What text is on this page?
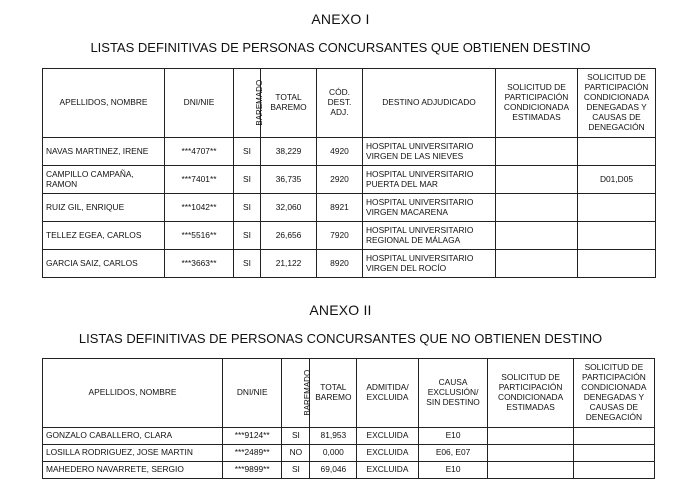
ANEXO I
LISTAS DEFINITIVAS DE PERSONAS CONCURSANTES QUE OBTIENEN DESTINO
APELLIDOS, NOMBRE	DNI/NIE	BAREMADO	TOTAL BAREMO	CÓD. DEST. ADJ.	DESTINO ADJUDICADO	SOLICITUD DE PARTICIPACIÓN CONDICIONADA ESTIMADAS	SOLICITUD DE PARTICIPACIÓN CONDICIONADA DENEGADAS Y CAUSAS DE DENEGACIÓN
NAVAS MARTINEZ, IRENE	***4707**	SI	38,229	4920	HOSPITAL UNIVERSITARIO VIRGEN DE LAS NIEVES		
CAMPILLO CAMPAÑA, RAMON	***7401**	SI	36,735	2920	HOSPITAL UNIVERSITARIO PUERTA DEL MAR		D01,D05
RUIZ GIL, ENRIQUE	***1042**	SI	32,060	8921	HOSPITAL UNIVERSITARIO VIRGEN MACARENA		
TELLEZ EGEA, CARLOS	***5516**	SI	26,656	7920	HOSPITAL UNIVERSITARIO REGIONAL DE MÁLAGA		
GARCIA SAIZ, CARLOS	***3663**	SI	21,122	8920	HOSPITAL UNIVERSITARIO VIRGEN DEL ROCÍO		
ANEXO II
LISTAS DEFINITIVAS DE PERSONAS CONCURSANTES QUE NO OBTIENEN DESTINO
APELLIDOS, NOMBRE	DNI/NIE	BAREMADO	TOTAL BAREMO	ADMITIDA/ EXCLUIDA	CAUSA EXCLUSIÓN/ SIN DESTINO	SOLICITUD DE PARTICIPACIÓN CONDICIONADA ESTIMADAS	SOLICITUD DE PARTICIPACIÓN CONDICIONADA DENEGADAS Y CAUSAS DE DENEGACIÓN
GONZALO CABALLERO, CLARA	***9124**	SI	81,953	EXCLUIDA	E10		
LOSILLA RODRIGUEZ, JOSE MARTIN	***2489**	NO	0,000	EXCLUIDA	E06, E07		
MAHEDERO NAVARRETE, SERGIO	***9899**	SI	69,046	EXCLUIDA	E10		
